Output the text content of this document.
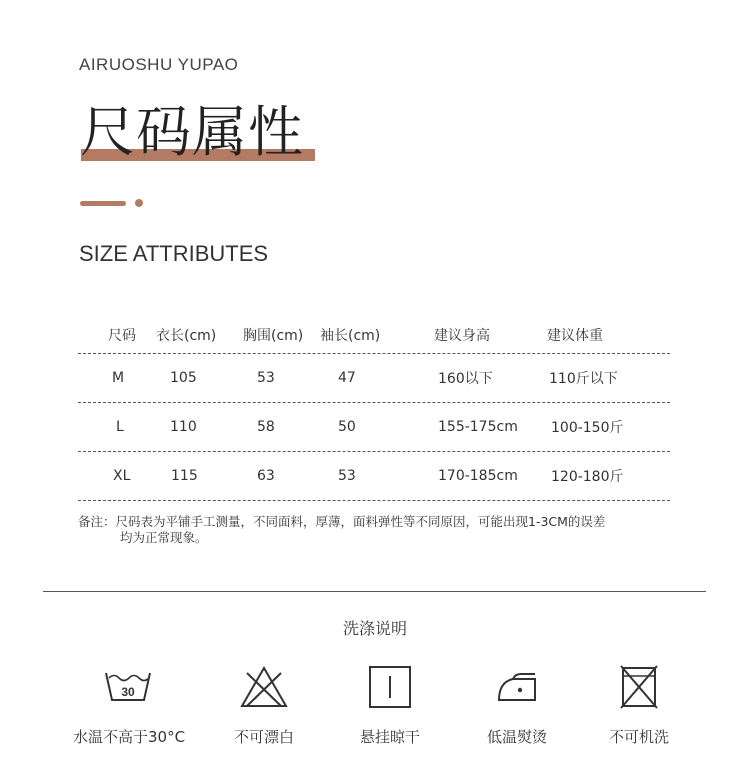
AIRUOSHU YUPAO
尺码属性
SIZE ATTRIBUTES
尺码 衣长(cm) 胸围(cm) 袖长(cm)	建议身高	建议体重
M	105	53	47	160以下	110斤以下
L	110	58	50	155-175cm 100-150斤
XL	115	63	53	170-185cm 120-180斤
备注：尺码表为平铺手工测量，不同面料，厚薄，面料弹性等不同原因，可能出现1-3CM的误差
均为正常现象。
洗涤说明
30
水温不高于30°C	不可漂白	悬挂晾干	低温熨烫	不可机洗
